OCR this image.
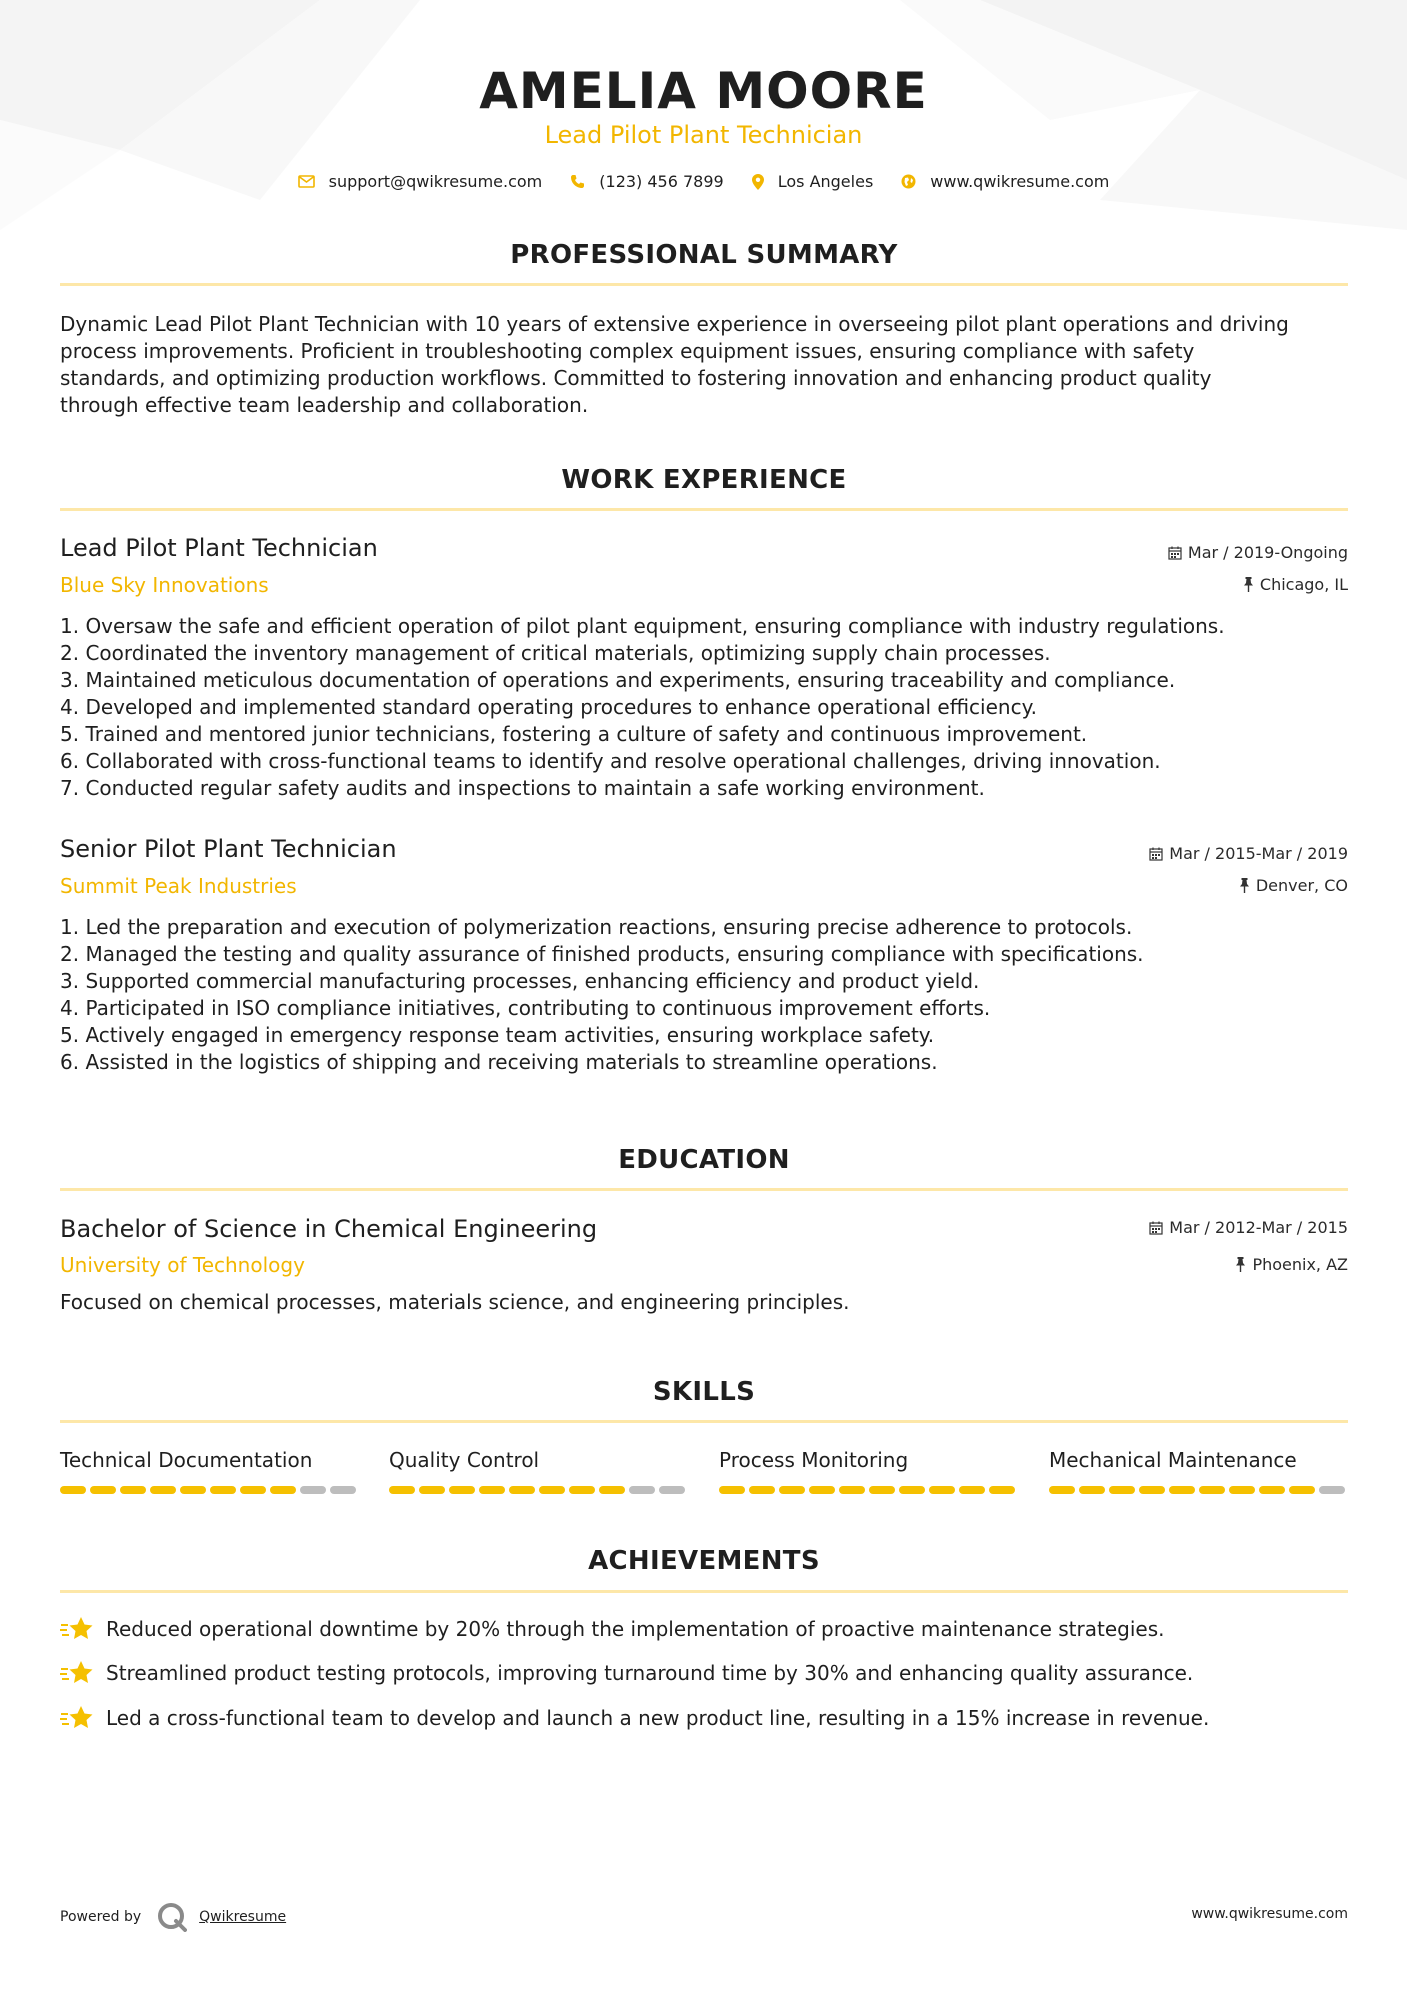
AMELIA MOORE
Lead Pilot Plant Technician
support@qwikresume.com	(123) 456 7899	Los Angeles	www.qwikresume.com
PROFESSIONAL SUMMARY
Dynamic Lead Pilot Plant Technician with 10 years of extensive experience in overseeing pilot plant operations and driving
process improvements. Proficient in troubleshooting complex equipment issues, ensuring compliance with safety
standards, and optimizing production workflows. Committed to fostering innovation and enhancing product quality
through effective team leadership and collaboration.
WORK EXPERIENCE
Lead Pilot Plant Technician	Mar / 2019-Ongoing
Blue Sky Innovations	Chicago, IL
1. Oversaw the safe and efficient operation of pilot plant equipment, ensuring compliance with industry regulations.
2. Coordinated the inventory management of critical materials, optimizing supply chain processes.
3. Maintained meticulous documentation of operations and experiments, ensuring traceability and compliance.
4. Developed and implemented standard operating procedures to enhance operational efficiency.
5. Trained and mentored junior technicians, fostering a culture of safety and continuous improvement.
6. Collaborated with cross-functional teams to identify and resolve operational challenges, driving innovation.
7. Conducted regular safety audits and inspections to maintain a safe working environment.
Senior Pilot Plant Technician	Mar / 2015-Mar / 2019
Summit Peak Industries	Denver, CO
1. Led the preparation and execution of polymerization reactions, ensuring precise adherence to protocols.
2. Managed the testing and quality assurance of finished products, ensuring compliance with specifications.
3. Supported commercial manufacturing processes, enhancing efficiency and product yield.
4. Participated in ISO compliance initiatives, contributing to continuous improvement efforts.
5. Actively engaged in emergency response team activities, ensuring workplace safety.
6. Assisted in the logistics of shipping and receiving materials to streamline operations.
EDUCATION
Bachelor of Science in Chemical Engineering	Mar / 2012-Mar / 2015
University of Technology	Phoenix, AZ
Focused on chemical processes, materials science, and engineering principles.
SKILLS
Technical Documentation	Quality Control	Process Monitoring	Mechanical Maintenance
ACHIEVEMENTS
Reduced operational downtime by 20% through the implementation of proactive maintenance strategies.
Streamlined product testing protocols, improving turnaround time by 30% and enhancing quality assurance.
Led a cross-functional team to develop and launch a new product line, resulting in a 15% increase in revenue.
Powered by	Qwikresume	www.qwikresume.com
